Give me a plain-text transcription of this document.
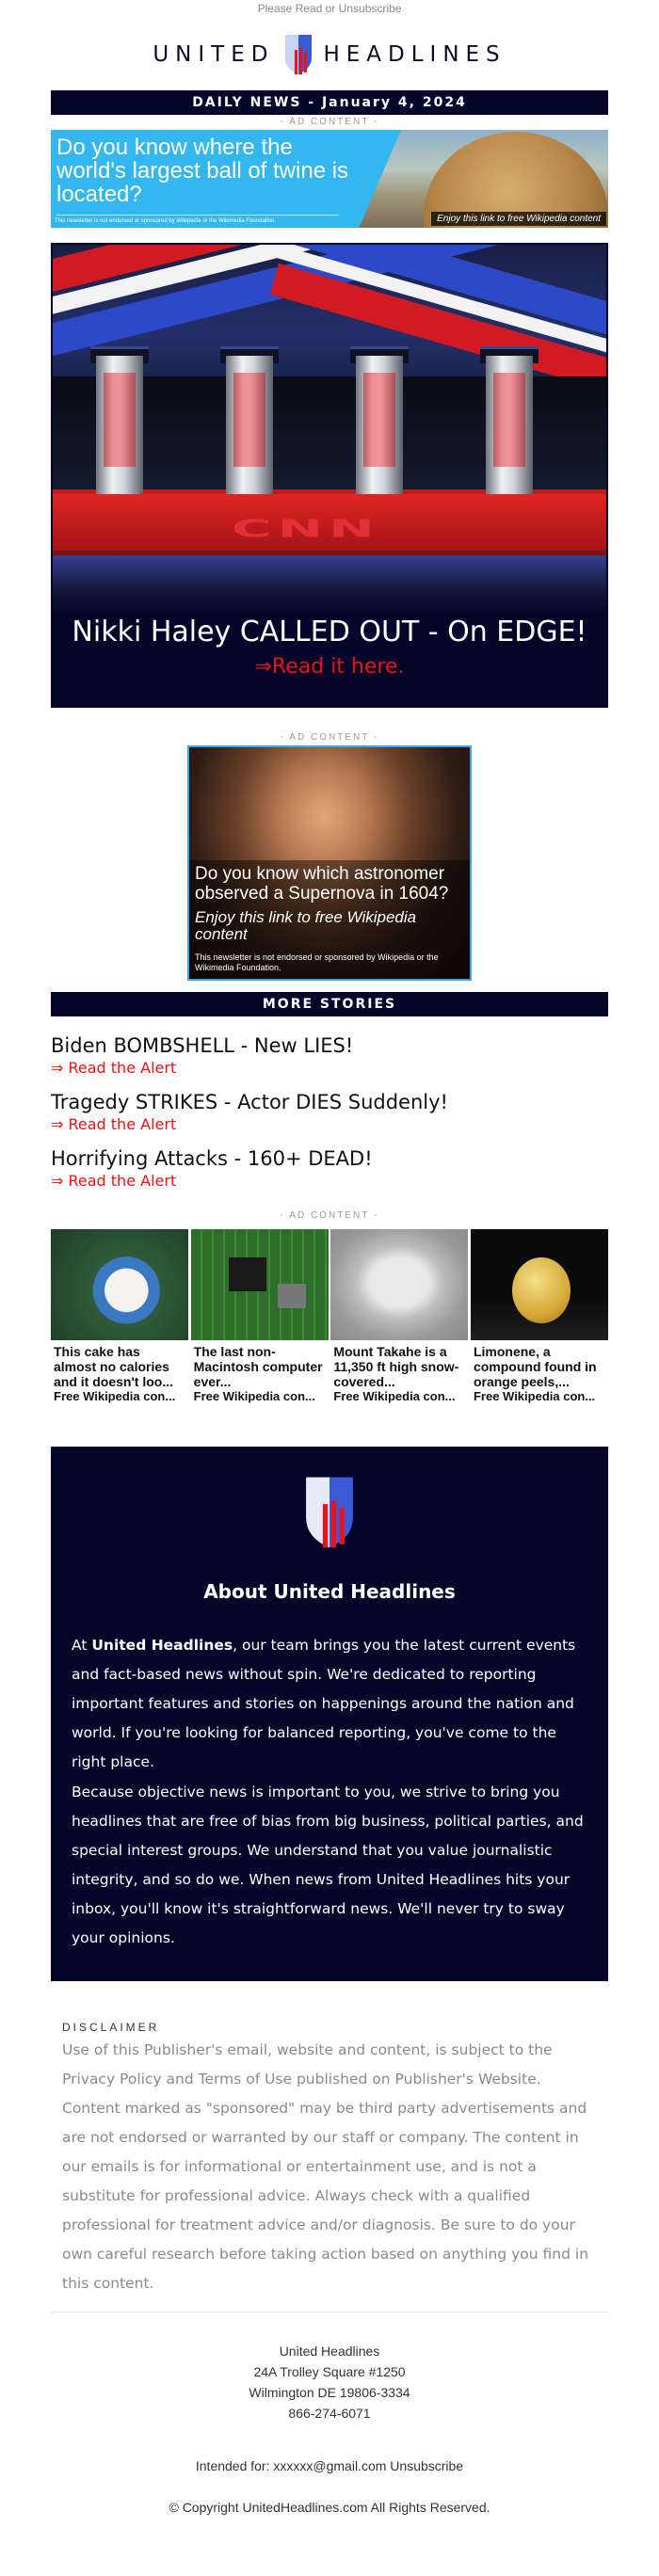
Please Read or Unsubscribe
UNITED HEADLINES
DAILY NEWS - January 4, 2024
- AD CONTENT -
Do you know where the world's largest ball of twine is located?
This newsletter is not endorsed or sponsored by Wikipedia or the Wikimedia Foundation.	Enjoy this link to free Wikipedia content
CNN
Nikki Haley CALLED OUT - On EDGE!
⇒Read it here.
- AD CONTENT -
Do you know which astronomer observed a Supernova in 1604?
Enjoy this link to free Wikipedia content
This newsletter is not endorsed or sponsored by Wikipedia or the Wikimedia Foundation.
MORE STORIES
Biden BOMBSHELL - New LIES!
⇒ Read the Alert
Tragedy STRIKES - Actor DIES Suddenly!
⇒ Read the Alert
Horrifying Attacks - 160+ DEAD!
⇒ Read the Alert
- AD CONTENT -
This cake has almost no calories and it doesn't loo...
Free Wikipedia con...
The last non-Macintosh computer ever...
Free Wikipedia con...
Mount Takahe is a 11,350 ft high snow-covered...
Free Wikipedia con...
Limonene, a compound found in orange peels,...
Free Wikipedia con...
About United Headlines

At United Headlines, our team brings you the latest current events and fact-based news without spin. We're dedicated to reporting important features and stories on happenings around the nation and world. If you're looking for balanced reporting, you've come to the right place.

Because objective news is important to you, we strive to bring you headlines that are free of bias from big business, political parties, and special interest groups. We understand that you value journalistic integrity, and so do we. When news from United Headlines hits your inbox, you'll know it's straightforward news. We'll never try to sway your opinions.

DISCLAIMER
Use of this Publisher's email, website and content, is subject to the Privacy Policy and Terms of Use published on Publisher's Website. Content marked as "sponsored" may be third party advertisements and are not endorsed or warranted by our staff or company. The content in our emails is for informational or entertainment use, and is not a substitute for professional advice. Always check with a qualified professional for treatment advice and/or diagnosis. Be sure to do your own careful research before taking action based on anything you find in this content.
United Headlines
24A Trolley Square #1250
Wilmington DE 19806-3334
866-274-6071
Intended for: xxxxxx@gmail.com Unsubscribe
© Copyright UnitedHeadlines.com All Rights Reserved.
